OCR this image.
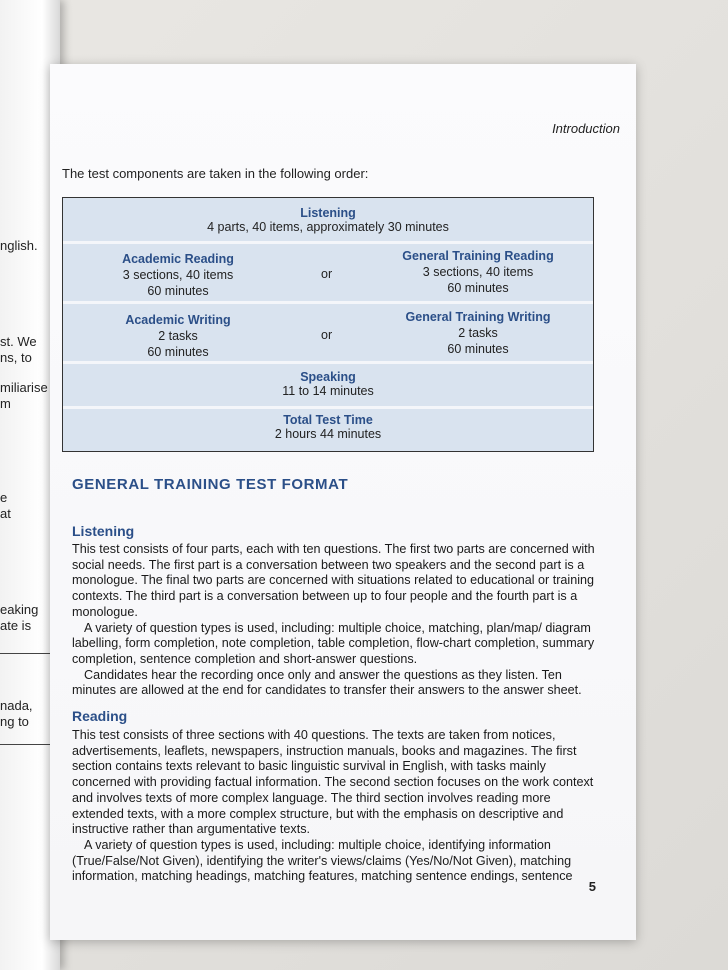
nglish.
st. We
ns, to
miliarise
m
e
at
eaking
ate is
nada,
ng to
Introduction
The test components are taken in the following order:
Listening
4 parts, 40 items, approximately 30 minutes
Academic Reading
3 sections, 40 items
60 minutes
or
General Training Reading
3 sections, 40 items
60 minutes
Academic Writing
2 tasks
60 minutes
or
General Training Writing
2 tasks
60 minutes
Speaking
11 to 14 minutes
Total Test Time
2 hours 44 minutes
GENERAL TRAINING TEST FORMAT
Listening

This test consists of four parts, each with ten questions. The first two parts are concerned with social needs. The first part is a conversation between two speakers and the second part is a monologue. The final two parts are concerned with situations related to educational or training contexts. The third part is a conversation between up to four people and the fourth part is a monologue.

A variety of question types is used, including: multiple choice, matching, plan/map/ diagram labelling, form completion, note completion, table completion, flow-chart completion, summary completion, sentence completion and short-answer questions.

Candidates hear the recording once only and answer the questions as they listen. Ten minutes are allowed at the end for candidates to transfer their answers to the answer sheet.

Reading

This test consists of three sections with 40 questions. The texts are taken from notices, advertisements, leaflets, newspapers, instruction manuals, books and magazines. The first section contains texts relevant to basic linguistic survival in English, with tasks mainly concerned with providing factual information. The second section focuses on the work context and involves texts of more complex language. The third section involves reading more extended texts, with a more complex structure, but with the emphasis on descriptive and instructive rather than argumentative texts.

A variety of question types is used, including: multiple choice, identifying information (True/False/Not Given), identifying the writer's views/claims (Yes/No/Not Given), matching information, matching headings, matching features, matching sentence endings, sentence

5
